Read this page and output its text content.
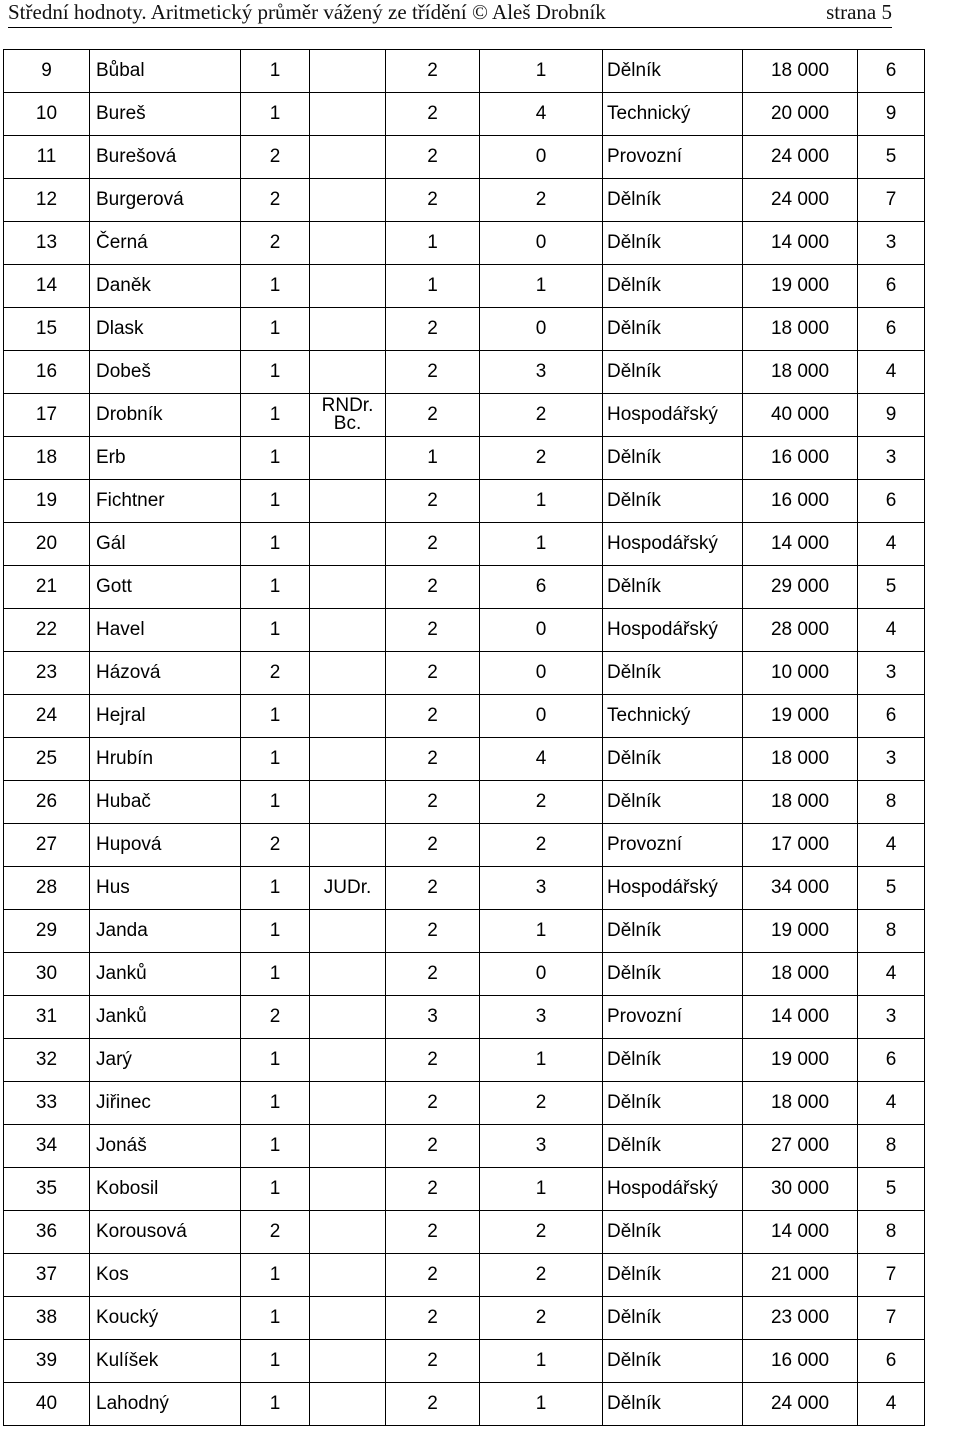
Střední hodnoty. Aritmetický průměr vážený ze třídění © Aleš Drobník	strana 5
9	Bůbal	1		2	1	Dělník	18 000	6
10	Bureš	1		2	4	Technický	20 000	9
11	Burešová	2		2	0	Provozní	24 000	5
12	Burgerová	2		2	2	Dělník	24 000	7
13	Černá	2		1	0	Dělník	14 000	3
14	Daněk	1		1	1	Dělník	19 000	6
15	Dlask	1		2	0	Dělník	18 000	6
16	Dobeš	1		2	3	Dělník	18 000	4
17	Drobník	1	RNDr. Bc.	2	2	Hospodářský	40 000	9
18	Erb	1		1	2	Dělník	16 000	3
19	Fichtner	1		2	1	Dělník	16 000	6
20	Gál	1		2	1	Hospodářský	14 000	4
21	Gott	1		2	6	Dělník	29 000	5
22	Havel	1		2	0	Hospodářský	28 000	4
23	Házová	2		2	0	Dělník	10 000	3
24	Hejral	1		2	0	Technický	19 000	6
25	Hrubín	1		2	4	Dělník	18 000	3
26	Hubač	1		2	2	Dělník	18 000	8
27	Hupová	2		2	2	Provozní	17 000	4
28	Hus	1	JUDr.	2	3	Hospodářský	34 000	5
29	Janda	1		2	1	Dělník	19 000	8
30	Janků	1		2	0	Dělník	18 000	4
31	Janků	2		3	3	Provozní	14 000	3
32	Jarý	1		2	1	Dělník	19 000	6
33	Jiřinec	1		2	2	Dělník	18 000	4
34	Jonáš	1		2	3	Dělník	27 000	8
35	Kobosil	1		2	1	Hospodářský	30 000	5
36	Korousová	2		2	2	Dělník	14 000	8
37	Kos	1		2	2	Dělník	21 000	7
38	Koucký	1		2	2	Dělník	23 000	7
39	Kulíšek	1		2	1	Dělník	16 000	6
40	Lahodný	1		2	1	Dělník	24 000	4
